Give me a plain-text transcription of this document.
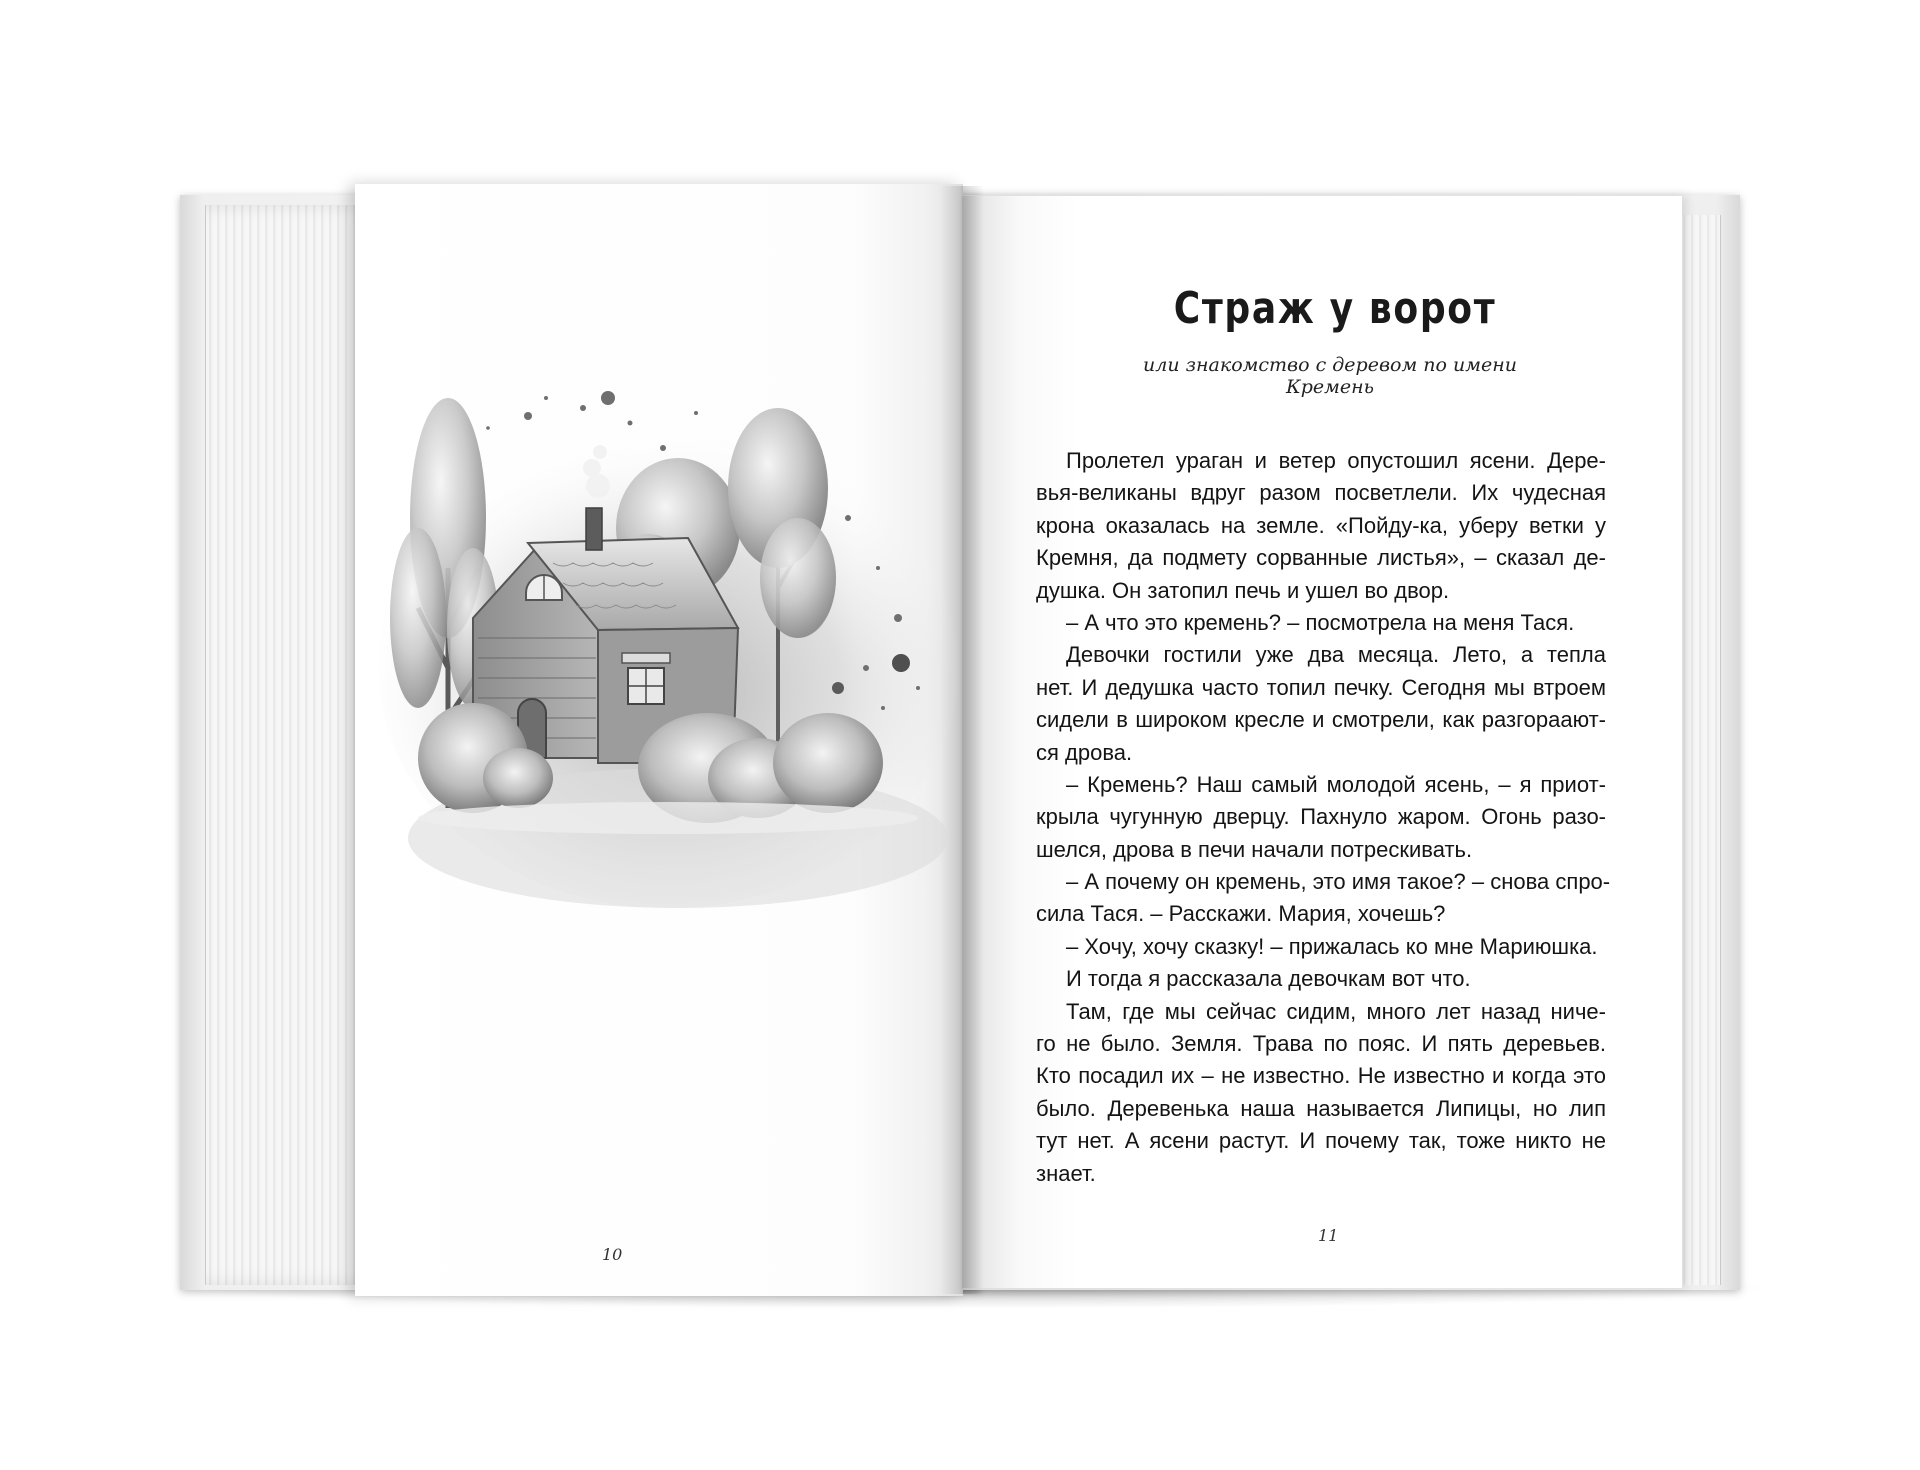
Страж у ворот
или знакомство с деревом по имени Кремень
Пролетел ураган и ветер опустошил ясени. Дере-
вья-великаны вдруг разом посветлели. Их чудесная
крона оказалась на земле. «Пойду-ка, уберу ветки у
Кремня, да подмету сорванные листья», – сказал де-
душка. Он затопил печь и ушел во двор.
– А что это кремень? – посмотрела на меня Тася.
Девочки гостили уже два месяца. Лето, а тепла
нет. И дедушка часто топил печку. Сегодня мы втроем
сидели в широком кресле и смотрели, как разгораают-
ся дрова.
– Кремень? Наш самый молодой ясень, – я приот-
крыла чугунную дверцу. Пахнуло жаром. Огонь разо-
шелся, дрова в печи начали потрескивать.
– А почему он кремень, это имя такое? – снова спро-
сила Тася. – Расскажи. Мария, хочешь?
– Хочу, хочу сказку! – прижалась ко мне Мариюшка.
И тогда я рассказала девочкам вот что.
Там, где мы сейчас сидим, много лет назад ниче-
го не было. Земля. Трава по пояс. И пять деревьев.
Кто посадил их – не известно. Не известно и когда это
было. Деревенька наша называется Липицы, но лип
тут нет. А ясени растут. И почему так, тоже никто не
знает.
10
11
